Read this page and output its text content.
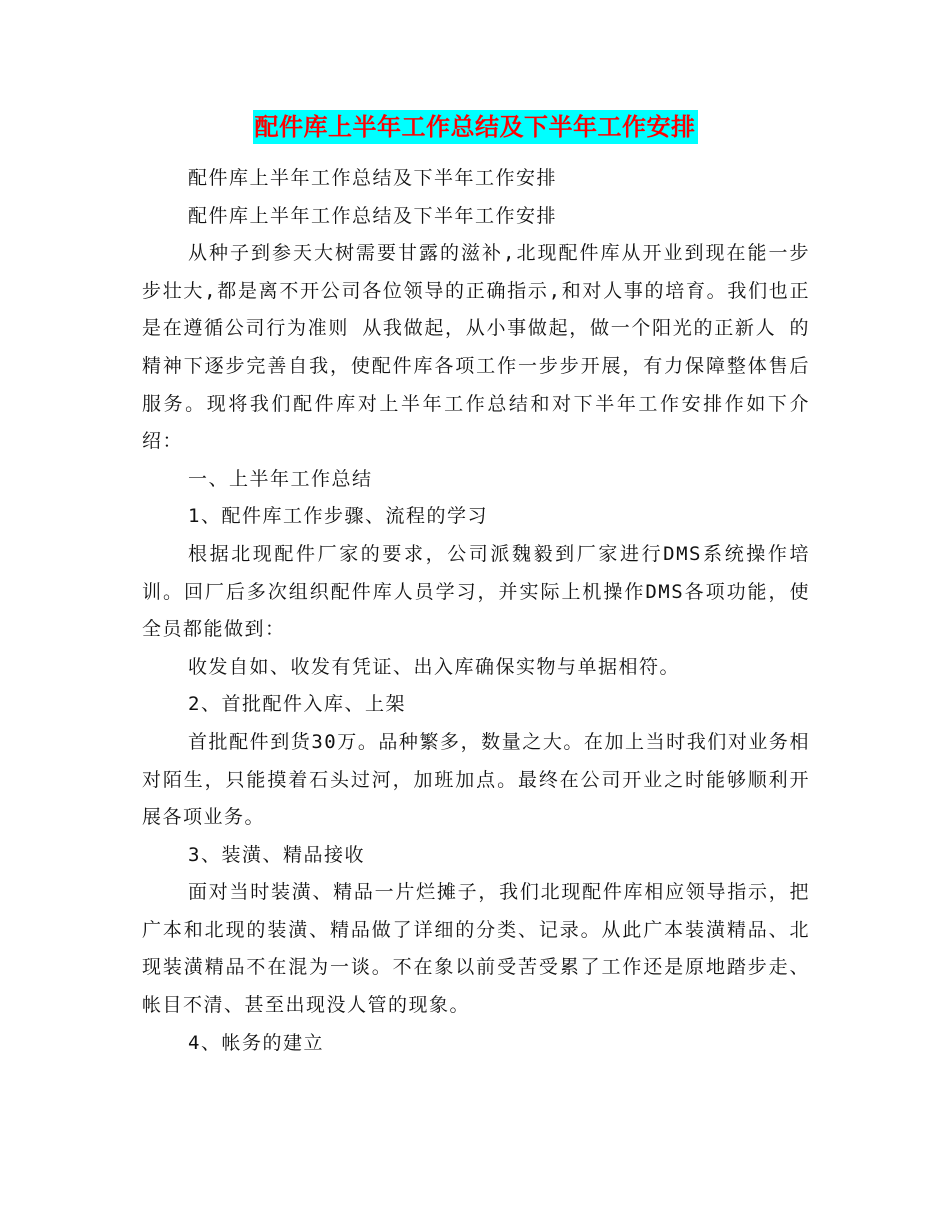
配件库上半年工作总结及下半年工作安排

配件库上半年工作总结及下半年工作安排

配件库上半年工作总结及下半年工作安排

从种子到参天大树需要甘露的滋补,北现配件库从开业到现在能一步步壮大,都是离不开公司各位领导的正确指示,和对人事的培育。我们也正是在遵循公司行为准则 从我做起，从小事做起，做一个阳光的正新人 的精神下逐步完善自我，使配件库各项工作一步步开展，有力保障整体售后服务。现将我们配件库对上半年工作总结和对下半年工作安排作如下介绍：

一、上半年工作总结

1、配件库工作步骤、流程的学习

根据北现配件厂家的要求，公司派魏毅到厂家进行DMS系统操作培训。回厂后多次组织配件库人员学习，并实际上机操作DMS各项功能，使全员都能做到：

收发自如、收发有凭证、出入库确保实物与单据相符。

2、首批配件入库、上架

首批配件到货30万。品种繁多，数量之大。在加上当时我们对业务相对陌生，只能摸着石头过河，加班加点。最终在公司开业之时能够顺利开展各项业务。

3、装潢、精品接收

面对当时装潢、精品一片烂摊子，我们北现配件库相应领导指示，把广本和北现的装潢、精品做了详细的分类、记录。从此广本装潢精品、北现装潢精品不在混为一谈。不在象以前受苦受累了工作还是原地踏步走、帐目不清、甚至出现没人管的现象。

4、帐务的建立
